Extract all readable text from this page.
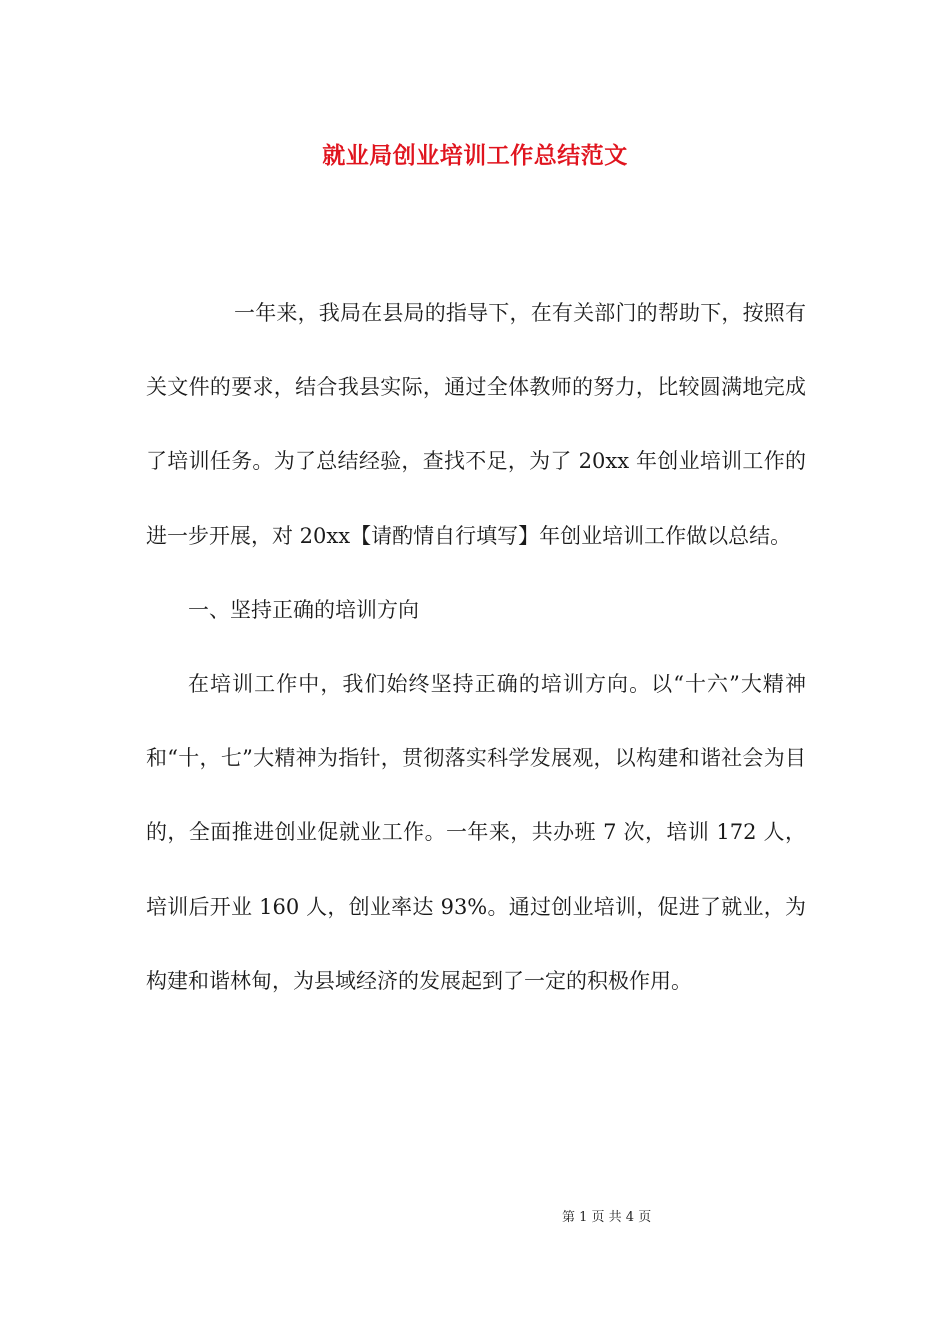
就业局创业培训工作总结范文

一年来，我局在县局的指导下，在有关部门的帮助下，按照有关文件的要求，结合我县实际，通过全体教师的努力，比较圆满地完成了培训任务。为了总结经验，查找不足，为了 20xx 年创业培训工作的进一步开展，对 20xx【请酌情自行填写】年创业培训工作做以总结。

一、坚持正确的培训方向

在培训工作中，我们始终坚持正确的培训方向。以“十六”大精神和“十，七”大精神为指针，贯彻落实科学发展观，以构建和谐社会为目的，全面推进创业促就业工作。一年来，共办班 7 次，培训 172 人，培训后开业 160 人，创业率达 93%。通过创业培训，促进了就业，为构建和谐林甸，为县域经济的发展起到了一定的积极作用。

第 1 页 共 4 页
